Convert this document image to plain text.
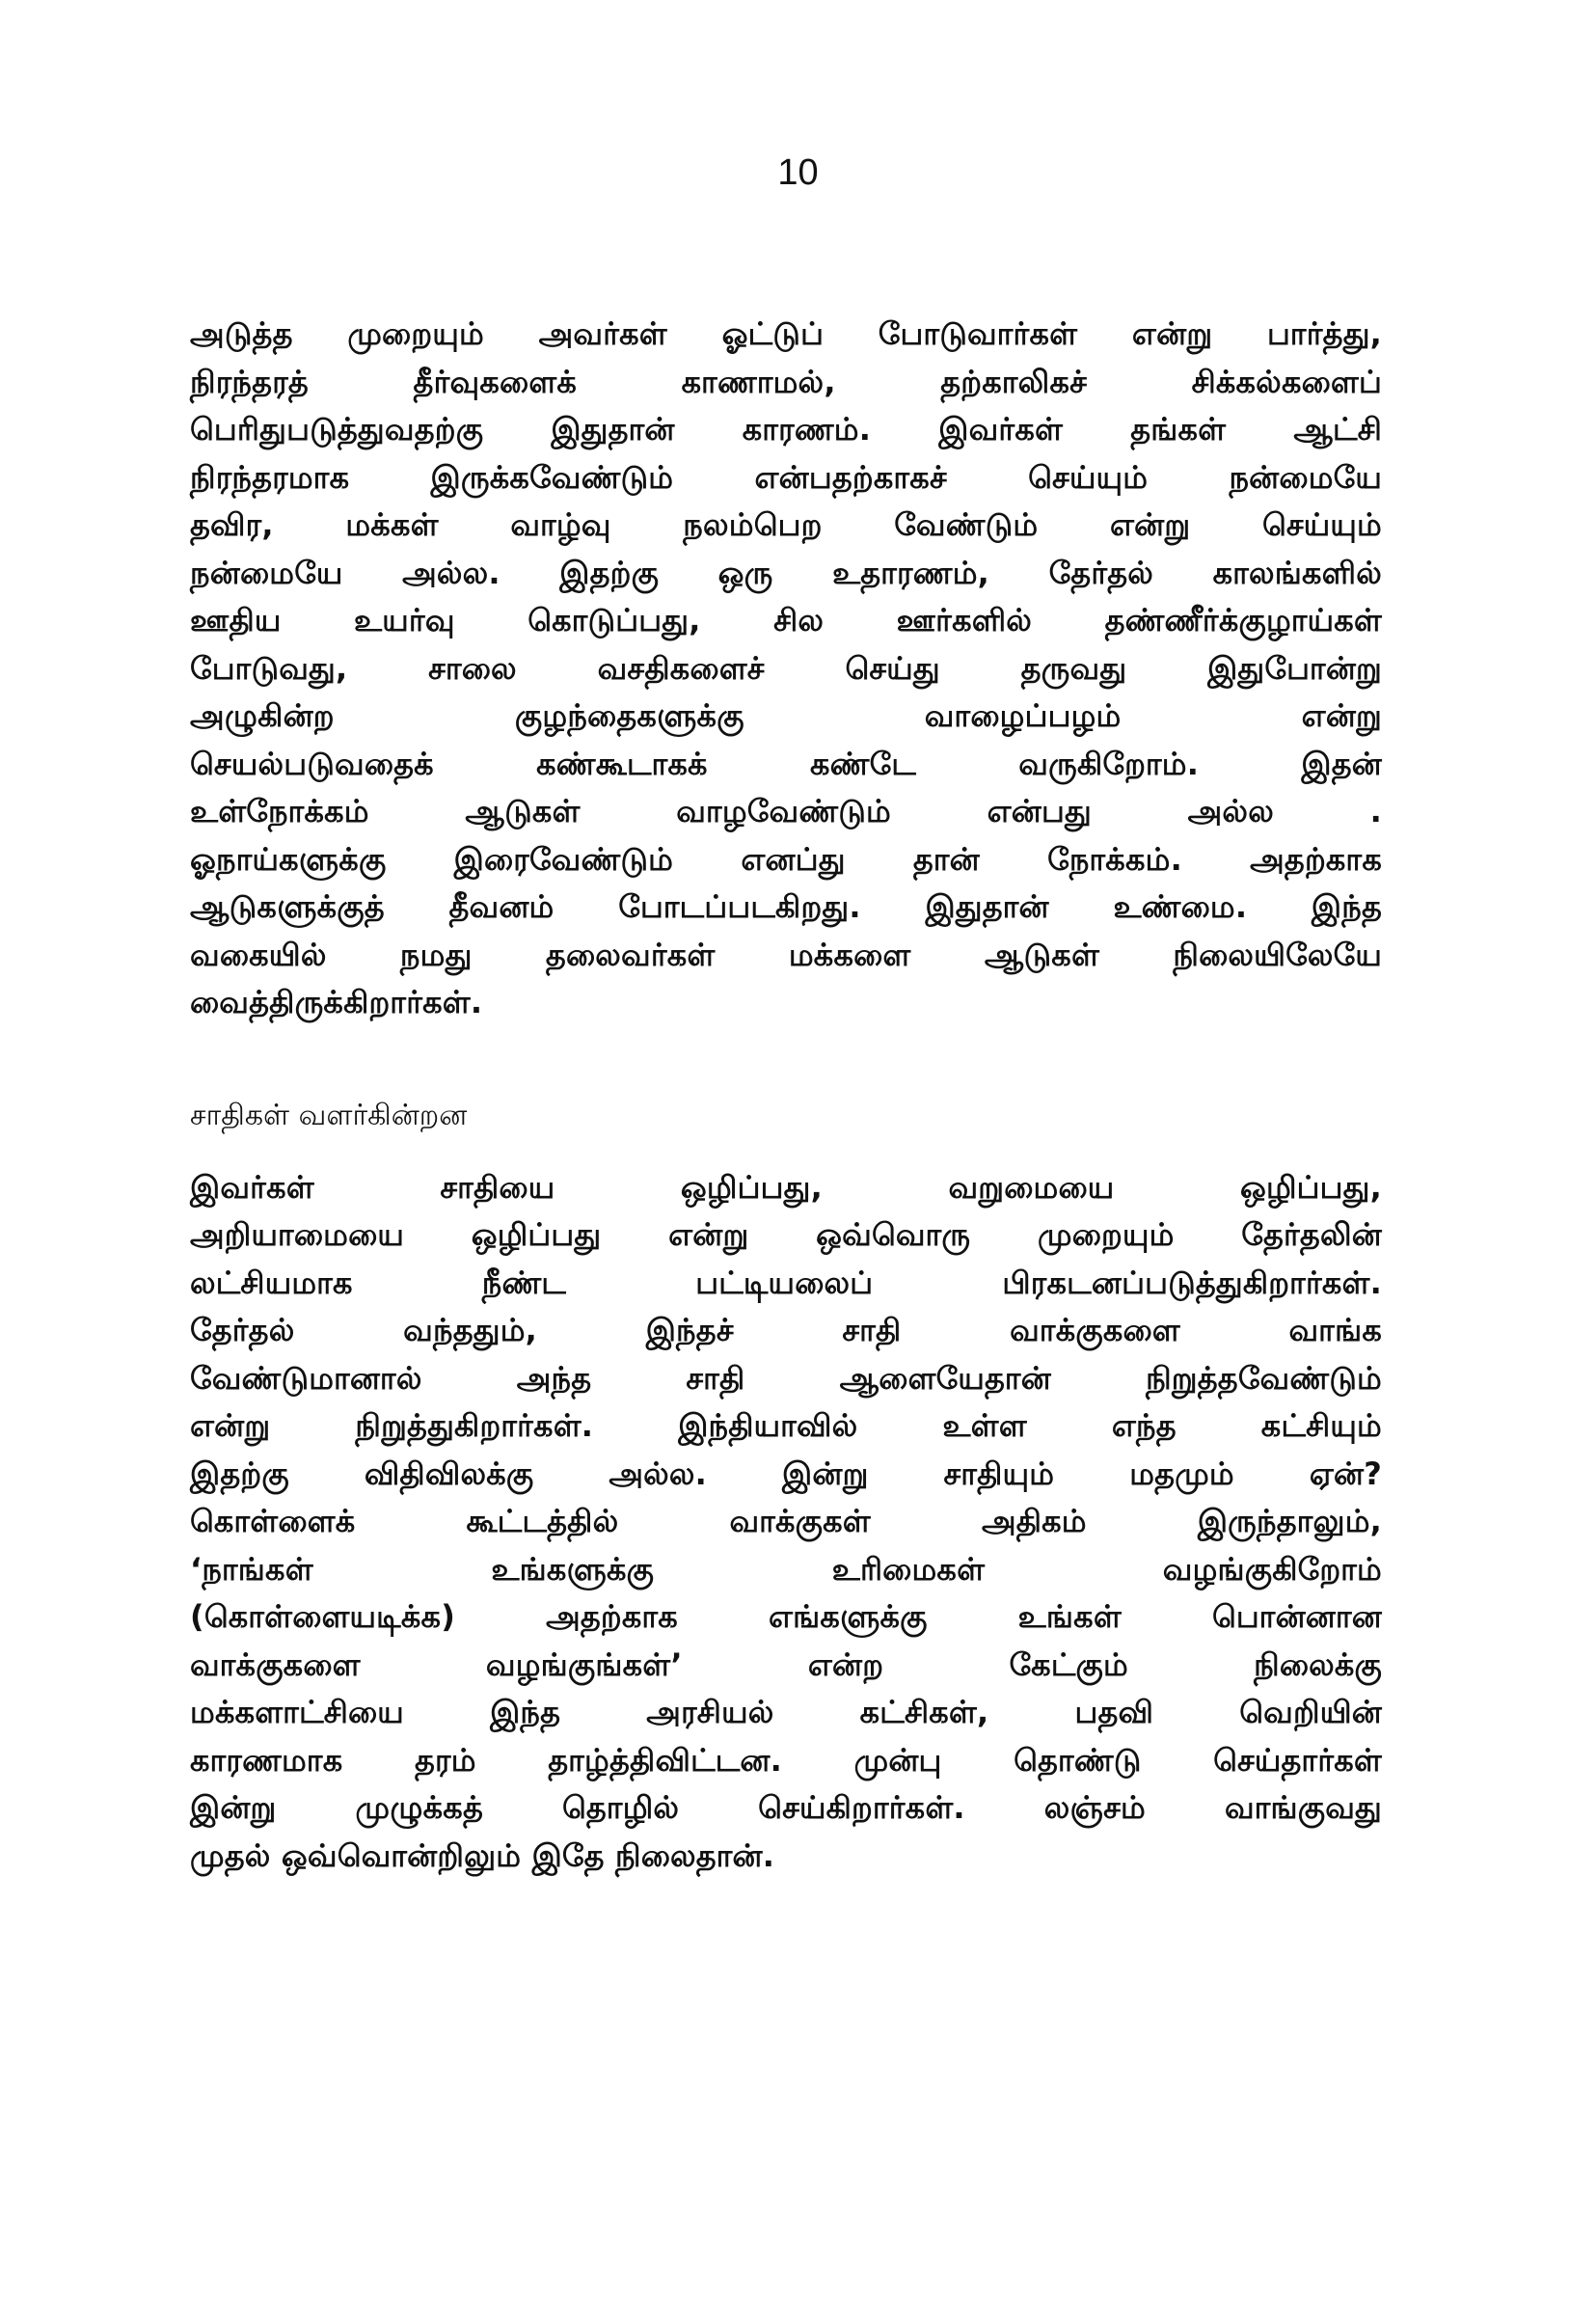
10

அடுத்த முறையும் அவர்கள் ஓட்டுப் போடுவார்கள் என்று பார்த்து,
நிரந்தரத் தீர்வுகளைக் காணாமல், தற்காலிகச் சிக்கல்களைப்
பெரிதுபடுத்துவதற்கு இதுதான் காரணம். இவர்கள் தங்கள் ஆட்சி
நிரந்தரமாக இருக்கவேண்டும் என்பதற்காகச் செய்யும் நன்மையே
தவிர, மக்கள் வாழ்வு நலம்பெற வேண்டும் என்று செய்யும்
நன்மையே அல்ல. இதற்கு ஒரு உதாரணம், தேர்தல் காலங்களில்
ஊதிய உயர்வு கொடுப்பது, சில ஊர்களில் தண்ணீர்க்குழாய்கள்
போடுவது, சாலை வசதிகளைச் செய்து தருவது இதுபோன்று
அழுகின்ற குழந்தைகளுக்கு வாழைப்பழம் என்று
செயல்படுவதைக் கண்கூடாகக் கண்டே வருகிறோம். இதன்
உள்நோக்கம் ஆடுகள் வாழவேண்டும் என்பது அல்ல .
ஓநாய்களுக்கு இரைவேண்டும் எனப்து தான் நோக்கம். அதற்காக
ஆடுகளுக்குத் தீவனம் போடப்படகிறது. இதுதான் உண்மை. இந்த
வகையில் நமது தலைவர்கள் மக்களை ஆடுகள் நிலையிலேயே
வைத்திருக்கிறார்கள்.

சாதிகள் வளர்கின்றன

இவர்கள் சாதியை ஒழிப்பது, வறுமையை ஒழிப்பது,
அறியாமையை ஒழிப்பது என்று ஒவ்வொரு முறையும் தேர்தலின்
லட்சியமாக நீண்ட பட்டியலைப் பிரகடனப்படுத்துகிறார்கள்.
தேர்தல் வந்ததும், இந்தச் சாதி வாக்குகளை வாங்க
வேண்டுமானால் அந்த சாதி ஆளையேதான் நிறுத்தவேண்டும்
என்று நிறுத்துகிறார்கள். இந்தியாவில் உள்ள எந்த கட்சியும்
இதற்கு விதிவிலக்கு அல்ல. இன்று சாதியும் மதமும் ஏன்?
கொள்ளைக் கூட்டத்தில் வாக்குகள் அதிகம் இருந்தாலும்,
‘நாங்கள் உங்களுக்கு உரிமைகள் வழங்குகிறோம்
(கொள்ளையடிக்க) அதற்காக எங்களுக்கு உங்கள் பொன்னான
வாக்குகளை வழங்குங்கள்’ என்ற கேட்கும் நிலைக்கு
மக்களாட்சியை இந்த அரசியல் கட்சிகள், பதவி வெறியின்
காரணமாக தரம் தாழ்த்திவிட்டன. முன்பு தொண்டு செய்தார்கள்
இன்று முழுக்கத் தொழில் செய்கிறார்கள். லஞ்சம் வாங்குவது
முதல் ஒவ்வொன்றிலும் இதே நிலைதான்.
